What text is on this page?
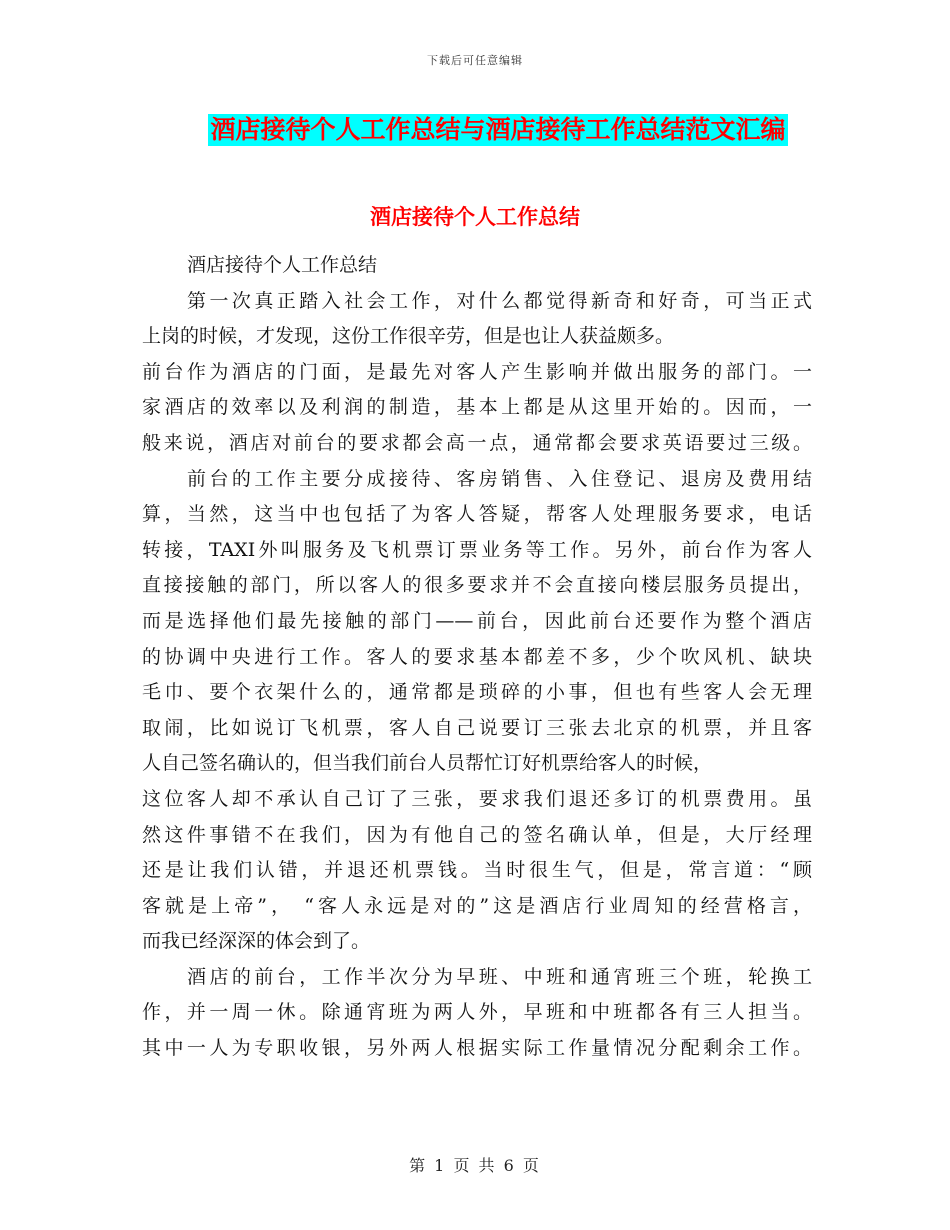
下载后可任意编辑
酒店接待个人工作总结与酒店接待工作总结范文汇编
酒店接待个人工作总结
酒店接待个人工作总结
第一次真正踏入社会工作，对什么都觉得新奇和好奇，可当正式
上岗的时候，才发现，这份工作很辛劳，但是也让人获益颇多。
前台作为酒店的门面，是最先对客人产生影响并做出服务的部门。一
家酒店的效率以及利润的制造，基本上都是从这里开始的。因而，一
般来说，酒店对前台的要求都会高一点，通常都会要求英语要过三级。
前台的工作主要分成接待、客房销售、入住登记、退房及费用结
算，当然，这当中也包括了为客人答疑，帮客人处理服务要求，电话
转接，TAXI外叫服务及飞机票订票业务等工作。另外，前台作为客人
直接接触的部门，所以客人的很多要求并不会直接向楼层服务员提出，
而是选择他们最先接触的部门——前台，因此前台还要作为整个酒店
的协调中央进行工作。客人的要求基本都差不多，少个吹风机、缺块
毛巾、要个衣架什么的，通常都是琐碎的小事，但也有些客人会无理
取闹，比如说订飞机票，客人自己说要订三张去北京的机票，并且客
人自己签名确认的，但当我们前台人员帮忙订好机票给客人的时候，
这位客人却不承认自己订了三张，要求我们退还多订的机票费用。虽
然这件事错不在我们，因为有他自己的签名确认单，但是，大厅经理
还是让我们认错，并退还机票钱。当时很生气，但是，常言道：“顾
客就是上帝”， “客人永远是对的”这是酒店行业周知的经营格言，
而我已经深深的体会到了。
酒店的前台，工作半次分为早班、中班和通宵班三个班，轮换工
作，并一周一休。除通宵班为两人外，早班和中班都各有三人担当。
其中一人为专职收银，另外两人根据实际工作量情况分配剩余工作。
第 1 页 共 6 页
